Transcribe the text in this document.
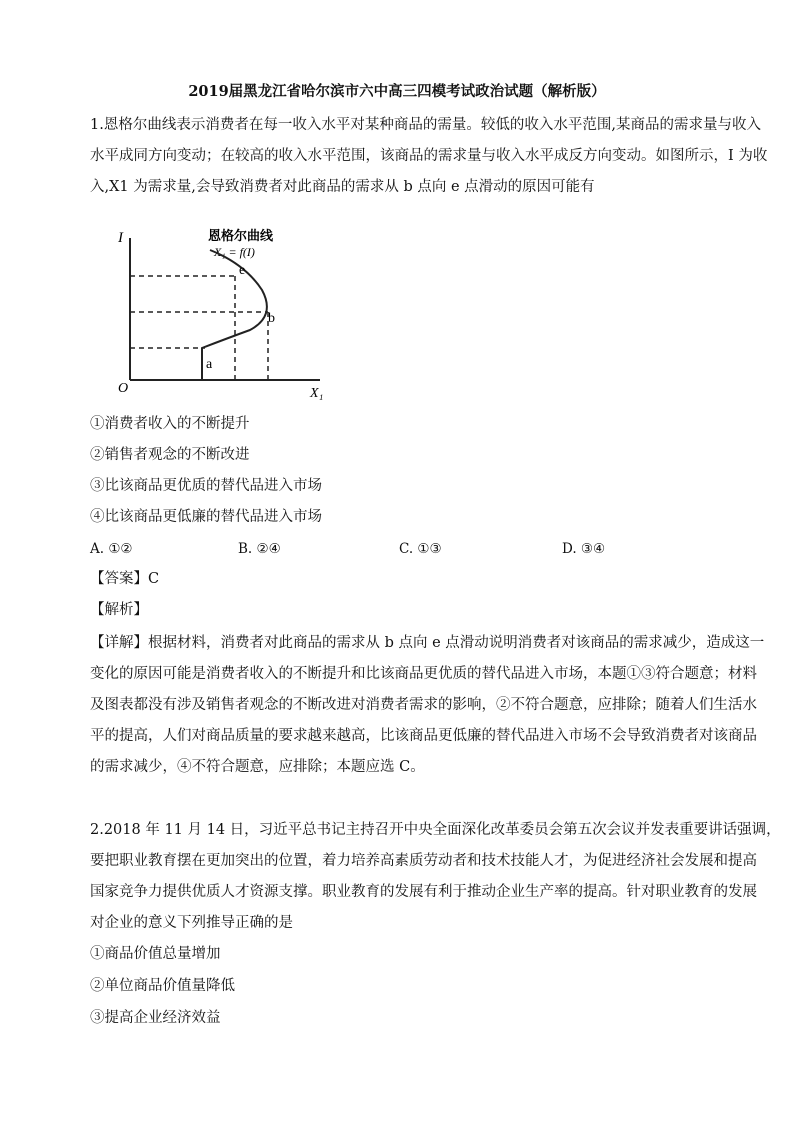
2019届黑龙江省哈尔滨市六中高三四模考试政治试题（解析版）
1.恩格尔曲线表示消费者在每一收入水平对某种商品的需量。较低的收入水平范围,某商品的需求量与收入
水平成同方向变动；在较高的收入水平范围，该商品的需求量与收入水平成反方向变动。如图所示，I 为收
入,X1 为需求量,会导致消费者对此商品的需求从 b 点向 e 点滑动的原因可能有
I
O	X₁
恩格尔曲线
X₁ = f(I)
a
b
e
①消费者收入的不断提升
②销售者观念的不断改进
③比该商品更优质的替代品进入市场
④比该商品更低廉的替代品进入市场
A. ①②	B. ②④	C. ①③	D. ③④
【答案】C
【解析】
【详解】根据材料，消费者对此商品的需求从 b 点向 e 点滑动说明消费者对该商品的需求减少，造成这一
变化的原因可能是消费者收入的不断提升和比该商品更优质的替代品进入市场，本题①③符合题意；材料
及图表都没有涉及销售者观念的不断改进对消费者需求的影响，②不符合题意，应排除；随着人们生活水
平的提高，人们对商品质量的要求越来越高，比该商品更低廉的替代品进入市场不会导致消费者对该商品
的需求减少，④不符合题意，应排除；本题应选 C。
2.2018 年 11 月 14 日，习近平总书记主持召开中央全面深化改革委员会第五次会议并发表重要讲话强调，
要把职业教育摆在更加突出的位置，着力培养高素质劳动者和技术技能人才，为促进经济社会发展和提高
国家竞争力提供优质人才资源支撑。职业教育的发展有利于推动企业生产率的提高。针对职业教育的发展
对企业的意义下列推导正确的是
①商品价值总量增加
②单位商品价值量降低
③提高企业经济效益
